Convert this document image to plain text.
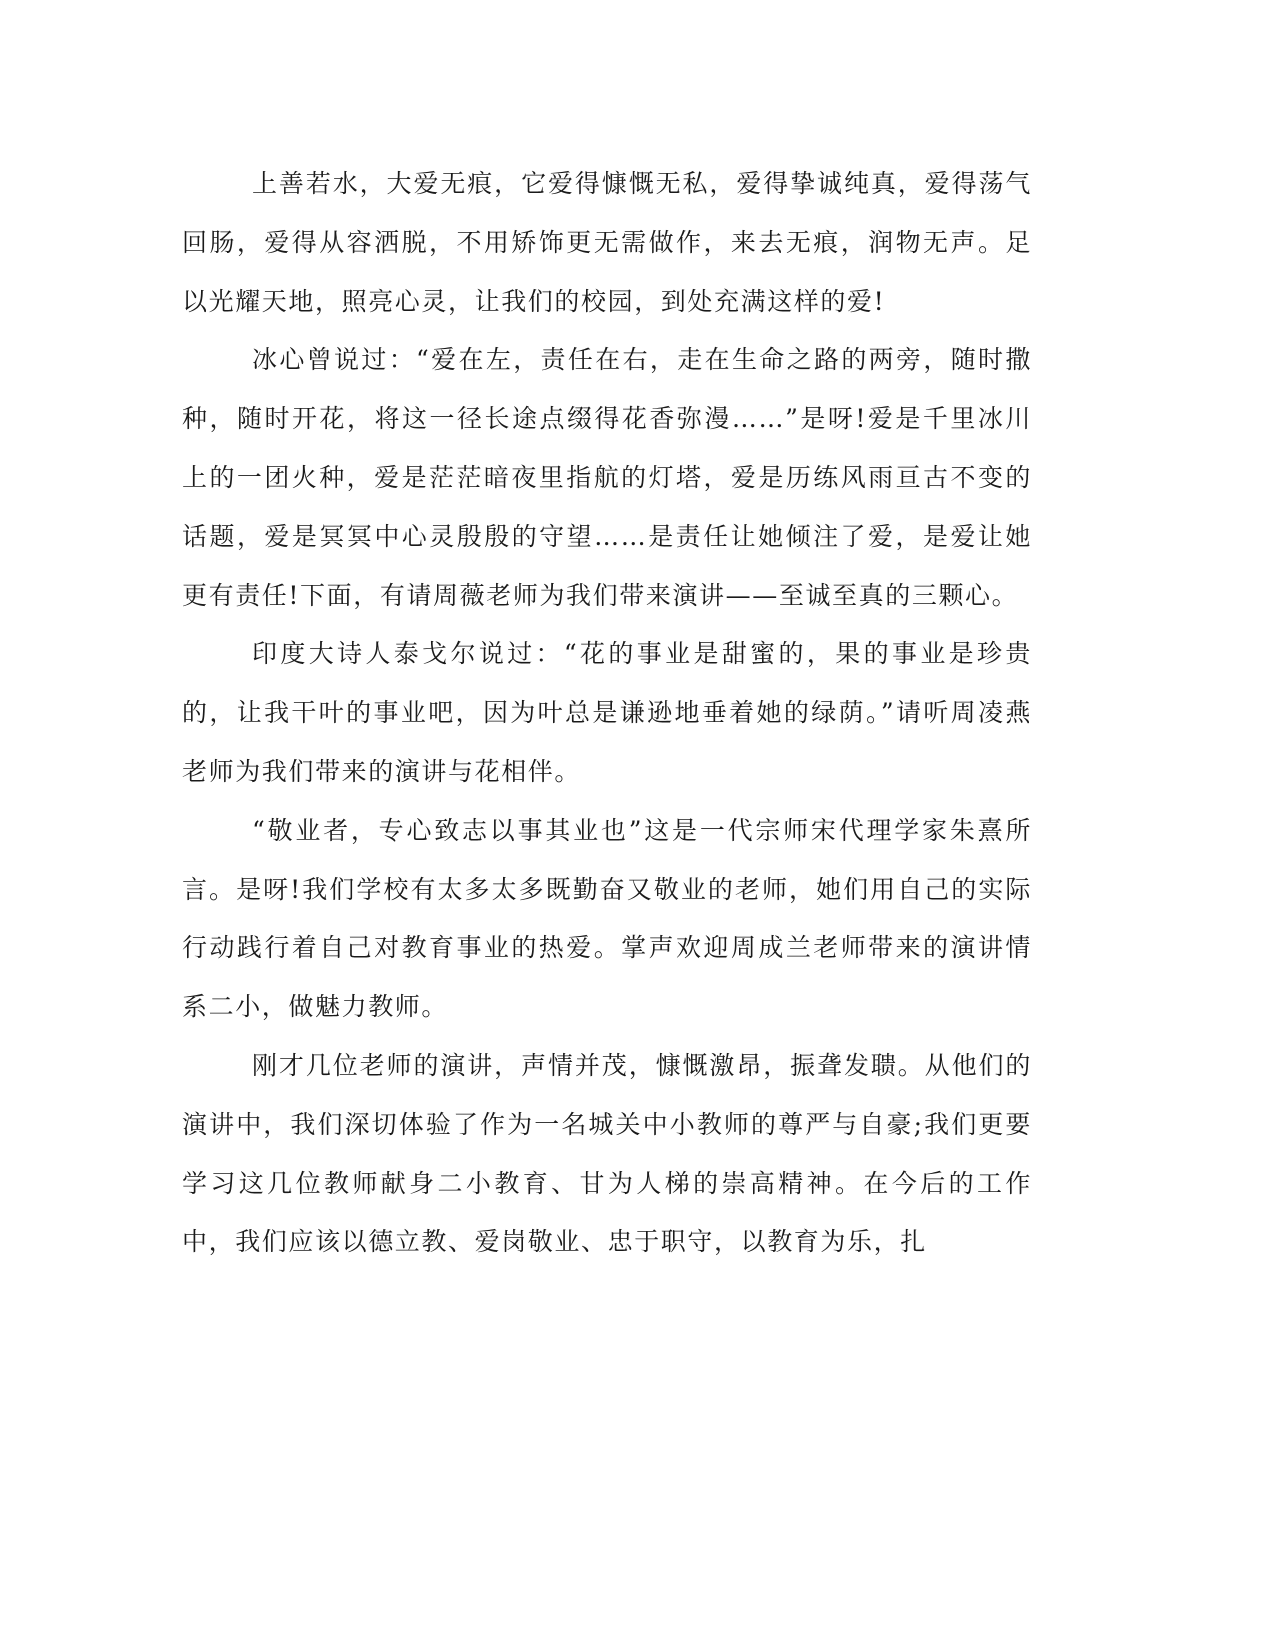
上善若水，大爱无痕，它爱得慷慨无私，爱得挚诚纯真，爱得荡气回肠，爱得从容洒脱，不用矫饰更无需做作，来去无痕，润物无声。足以光耀天地，照亮心灵，让我们的校园，到处充满这样的爱!

冰心曾说过：“爱在左，责任在右，走在生命之路的两旁，随时撒种，随时开花，将这一径长途点缀得花香弥漫……”是呀!爱是千里冰川上的一团火种，爱是茫茫暗夜里指航的灯塔，爱是历练风雨亘古不变的话题，爱是冥冥中心灵殷殷的守望……是责任让她倾注了爱，是爱让她更有责任!下面，有请周薇老师为我们带来演讲——至诚至真的三颗心。

印度大诗人泰戈尔说过：“花的事业是甜蜜的，果的事业是珍贵的，让我干叶的事业吧，因为叶总是谦逊地垂着她的绿荫。”请听周凌燕老师为我们带来的演讲与花相伴。

“敬业者，专心致志以事其业也”这是一代宗师宋代理学家朱熹所言。是呀!我们学校有太多太多既勤奋又敬业的老师，她们用自己的实际行动践行着自己对教育事业的热爱。掌声欢迎周成兰老师带来的演讲情系二小，做魅力教师。

刚才几位老师的演讲，声情并茂，慷慨激昂，振聋发聩。从他们的演讲中，我们深切体验了作为一名城关中小教师的尊严与自豪;我们更要学习这几位教师献身二小教育、甘为人梯的崇高精神。在今后的工作中，我们应该以德立教、爱岗敬业、忠于职守，以教育为乐，扎
